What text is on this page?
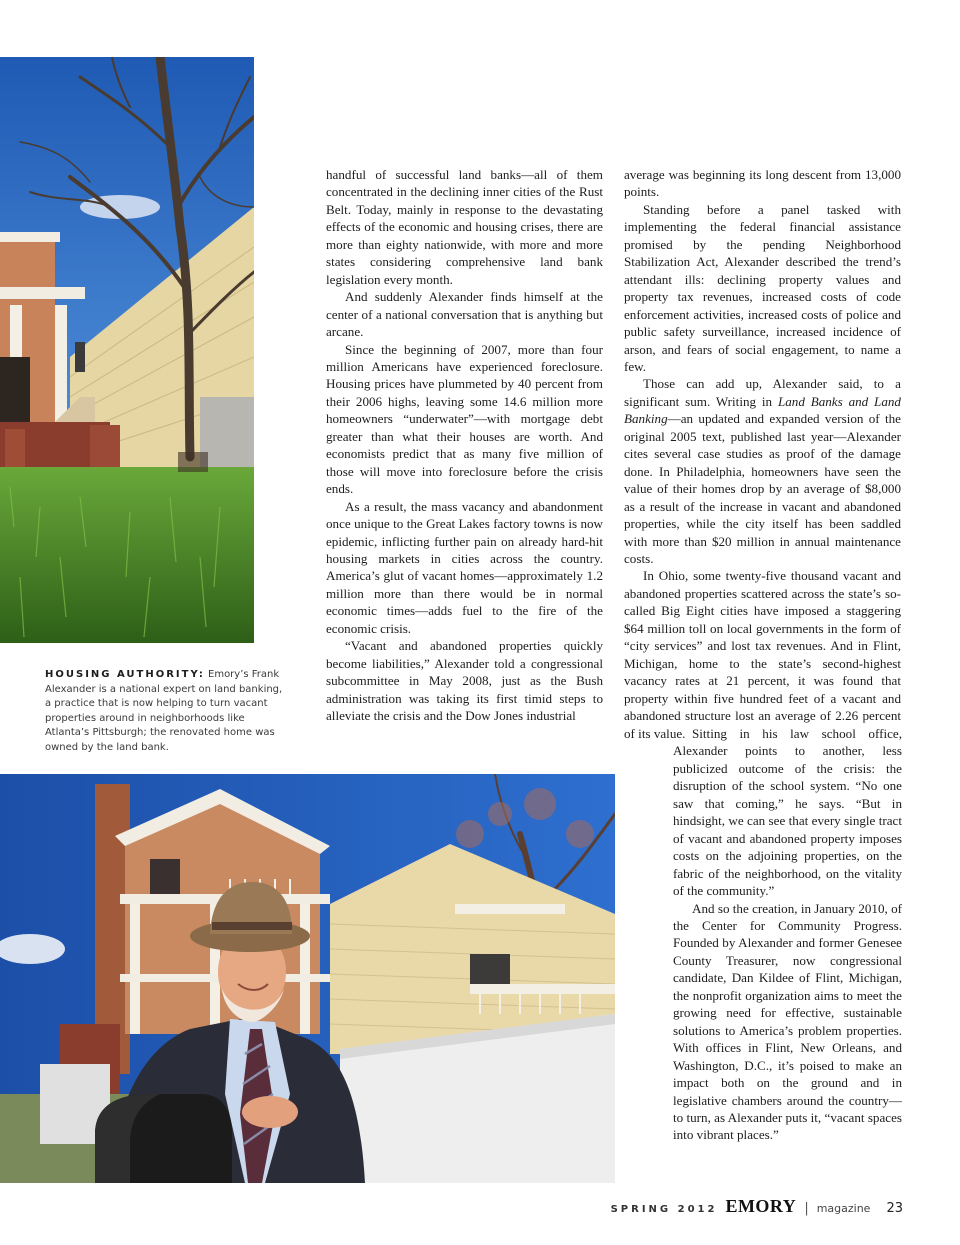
HOUSING AUTHORITY: Emory’s Frank Alexander is a national expert on land banking, a practice that is now helping to turn vacant properties around in neighborhoods like Atlanta’s Pittsburgh; the renovated home was owned by the land bank.

handful of successful land banks—all of them concentrated in the declining inner cities of the Rust Belt. Today, mainly in response to the devastating effects of the economic and housing crises, there are more than eighty nationwide, with more and more states considering comprehensive land bank legislation every month.

And suddenly Alexander finds himself at the center of a national conversation that is anything but arcane.

Since the beginning of 2007, more than four million Americans have experienced foreclosure. Housing prices have plummeted by 40 percent from their 2006 highs, leaving some 14.6 million more homeowners “underwater”—with mortgage debt greater than what their houses are worth. And economists predict that as many five million of those will move into foreclosure before the crisis ends.

As a result, the mass vacancy and abandonment once unique to the Great Lakes factory towns is now epidemic, inflicting further pain on already hard-hit housing markets in cities across the country. America’s glut of vacant homes—approximately 1.2 million more than there would be in normal economic times—adds fuel to the fire of the economic crisis.

“Vacant and abandoned properties quickly become liabilities,” Alexander told a congressional subcommittee in May 2008, just as the Bush administration was taking its first timid steps to alleviate the crisis and the Dow Jones industrial

average was beginning its long descent from 13,000 points.

Standing before a panel tasked with implementing the federal financial assistance promised by the pending Neighborhood Stabilization Act, Alexander described the trend’s attendant ills: declining property values and property tax revenues, increased costs of code enforcement activities, increased costs of police and public safety surveillance, increased incidence of arson, and fears of social engagement, to name a few.

Those can add up, Alexander said, to a significant sum. Writing in Land Banks and Land Banking—an updated and expanded version of the original 2005 text, published last year—Alexander cites several case studies as proof of the damage done. In Philadelphia, homeowners have seen the value of their homes drop by an average of $8,000 as a result of the increase in vacant and abandoned properties, while the city itself has been saddled with more than $20 million in annual maintenance costs.

In Ohio, some twenty-five thousand vacant and abandoned properties scattered across the state’s so-called Big Eight cities have imposed a staggering $64 million toll on local governments in the form of “city services” and lost tax revenues. And in Flint, Michigan, home to the state’s second-highest vacancy rates at 21 percent, it was found that property within five hundred feet of a vacant and abandoned structure lost an average of 2.26 percent of its value. Sitting in his law school office, Alexander points to another, less publicized outcome of the crisis: the disruption of the school system. “No one saw that coming,” he says. “But in hindsight, we can see that every single tract of vacant and abandoned property imposes costs on the adjoining properties, on the fabric of the neighborhood, on the vitality of the community.”

And so the creation, in January 2010, of the Center for Community Progress. Founded by Alexander and former Genesee County Treasurer, now congressional candidate, Dan Kildee of Flint, Michigan, the nonprofit organization aims to meet the growing need for effective, sustainable solutions to America’s problem properties. With offices in Flint, New Orleans, and Washington, D.C., it’s poised to make an impact both on the ground and in legislative chambers around the country—to turn, as Alexander puts it, “vacant spaces into vibrant places.”

SPRING 2012 EMORY | magazine 23
